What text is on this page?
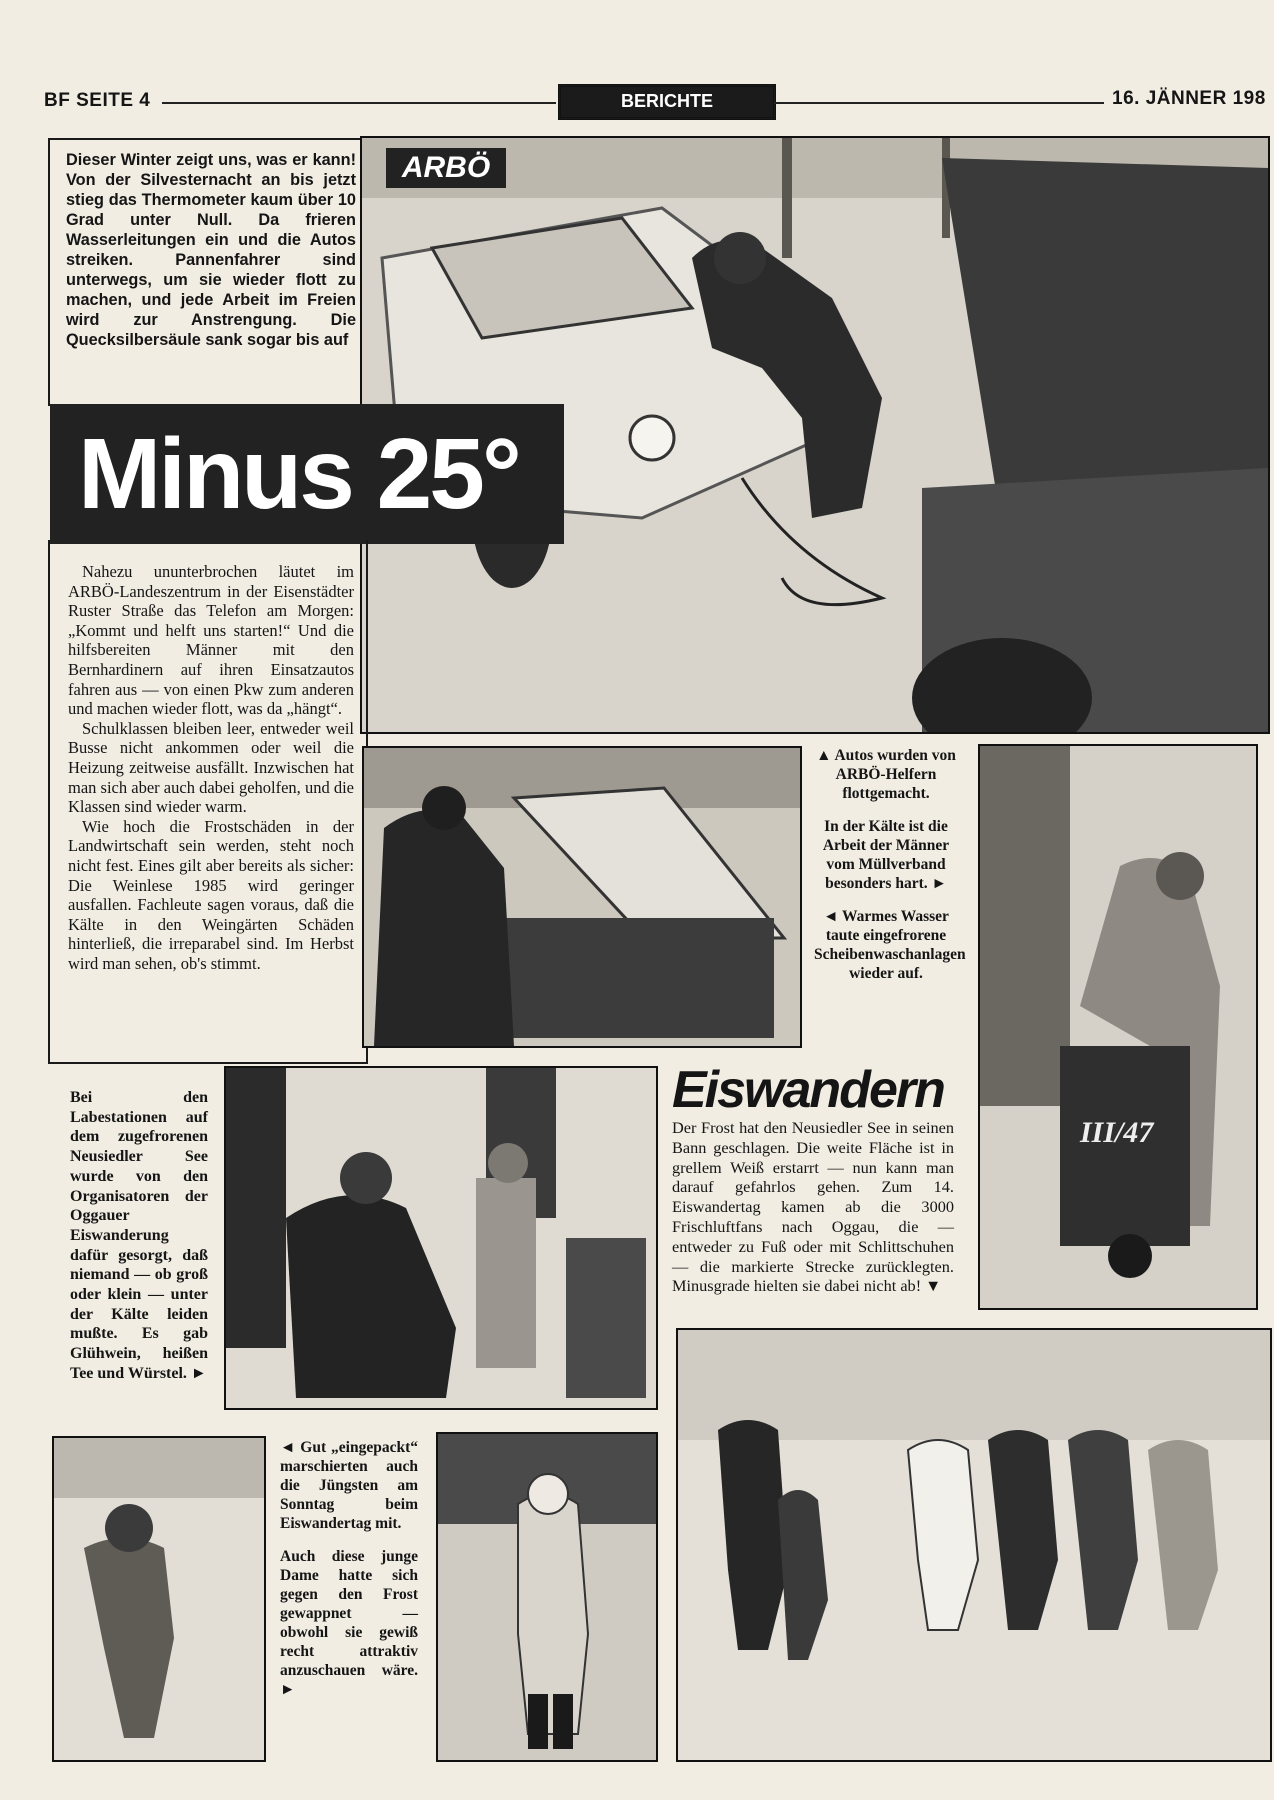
BF SEITE 4	BERICHTE	16. JÄNNER 198
Dieser Winter zeigt uns, was er kann! Von der Silvesternacht an bis jetzt stieg das Thermometer kaum über 10 Grad unter Null. Da frieren Wasserleitungen ein und die Autos streiken. Pannenfahrer sind unterwegs, um sie wieder flott zu machen, und jede Arbeit im Freien wird zur Anstrengung. Die Quecksilbersäule sank sogar bis auf
ARBÖ
Minus 25°

Nahezu ununterbrochen läutet im ARBÖ-Landeszentrum in der Eisenstädter Ruster Straße das Telefon am Morgen: „Kommt und helft uns starten!“ Und die hilfsbereiten Männer mit den Bernhardinern auf ihren Einsatzautos fahren aus — von einen Pkw zum anderen und machen wieder flott, was da „hängt“.

Schulklassen bleiben leer, entweder weil Busse nicht ankommen oder weil die Heizung zeitweise ausfällt. Inzwischen hat man sich aber auch dabei geholfen, und die Klassen sind wieder warm.

Wie hoch die Frostschäden in der Landwirtschaft sein werden, steht noch nicht fest. Eines gilt aber bereits als sicher: Die Weinlese 1985 wird geringer ausfallen. Fachleute sagen voraus, daß die Kälte in den Weingärten Schäden hinterließ, die irreparabel sind. Im Herbst wird man sehen, ob's stimmt.

▲ Autos wurden von ARBÖ-Helfern flottgemacht.

In der Kälte ist die Arbeit der Männer vom Müllverband besonders hart. ►

◄ Warmes Wasser taute eingefrorene Scheibenwaschanlagen wieder auf.

III/47
Bei den Labestationen auf dem zugefrorenen Neusiedler See wurde von den Organisatoren der Oggauer Eiswanderung dafür gesorgt, daß niemand — ob groß oder klein — unter der Kälte leiden mußte. Es gab Glühwein, heißen Tee und Würstel. ►
Eiswandern
Der Frost hat den Neusiedler See in seinen Bann geschlagen. Die weite Fläche ist in grellem Weiß erstarrt — nun kann man darauf gefahrlos gehen. Zum 14. Eiswandertag kamen ab die 3000 Frischluftfans nach Oggau, die — entweder zu Fuß oder mit Schlittschuhen — die markierte Strecke zurücklegten. Minusgrade hielten sie dabei nicht ab! ▼

◄ Gut „eingepackt“ marschierten auch die Jüngsten am Sonntag beim Eiswandertag mit.

Auch diese junge Dame hatte sich gegen den Frost gewappnet — obwohl sie gewiß recht attraktiv anzuschauen wäre. ►
